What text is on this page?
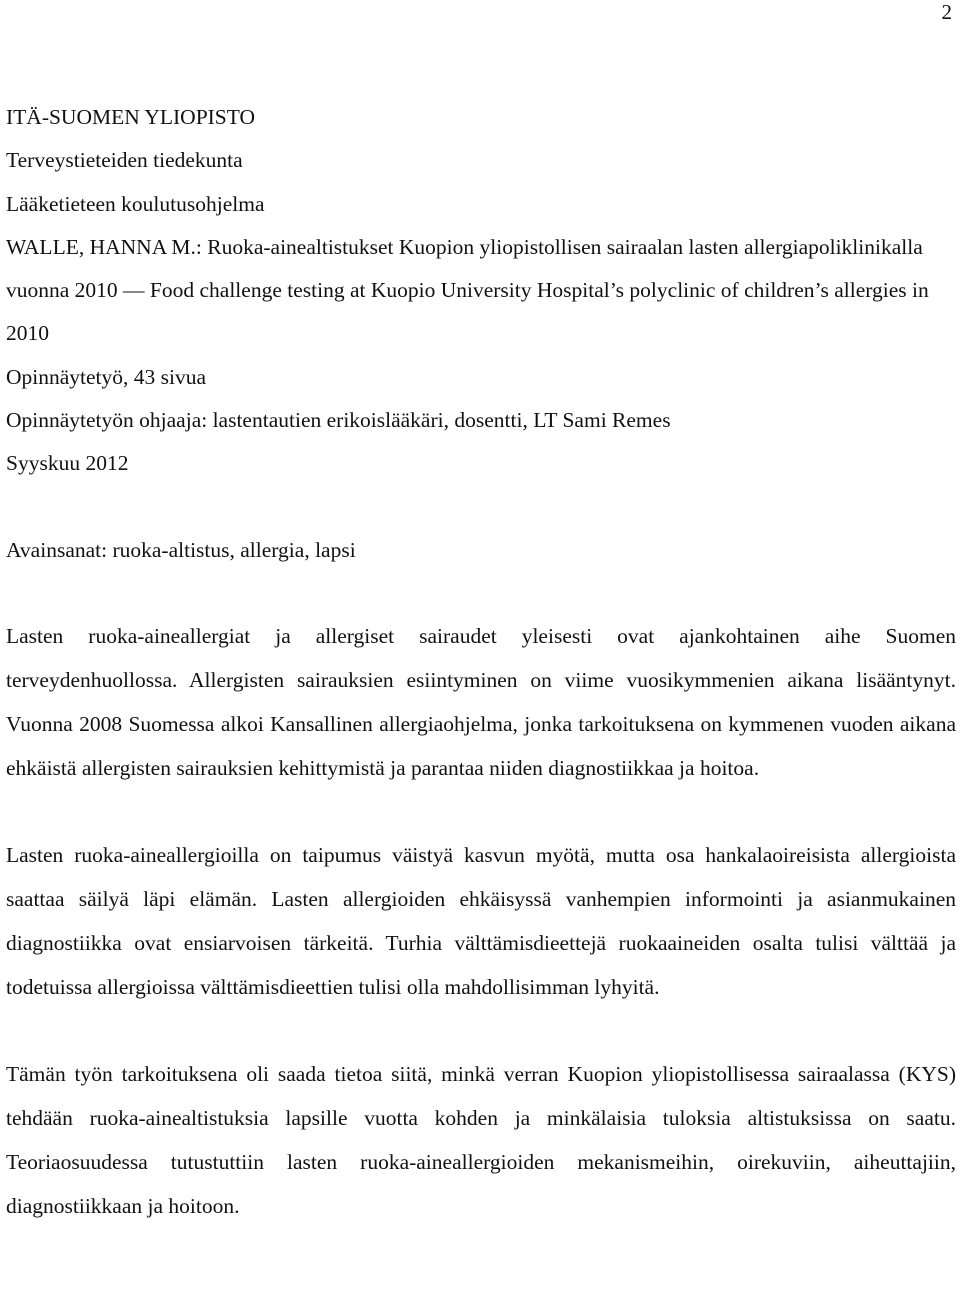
2
ITÄ-SUOMEN YLIOPISTO
Terveystieteiden tiedekunta
Lääketieteen koulutusohjelma
WALLE, HANNA M.: Ruoka-ainealtistukset Kuopion yliopistollisen sairaalan lasten allergiapoliklinikalla vuonna 2010 ― Food challenge testing at Kuopio University Hospital’s polyclinic of children’s allergies in 2010
Opinnäytetyö, 43 sivua
Opinnäytetyön ohjaaja: lastentautien erikoislääkäri, dosentti, LT Sami Remes
Syyskuu 2012
Avainsanat: ruoka-altistus, allergia, lapsi

Lasten ruoka-aineallergiat ja allergiset sairaudet yleisesti ovat ajankohtainen aihe Suomen terveydenhuollossa. Allergisten sairauksien esiintyminen on viime vuosikymmenien aikana lisääntynyt. Vuonna 2008 Suomessa alkoi Kansallinen allergiaohjelma, jonka tarkoituksena on kymmenen vuoden aikana ehkäistä allergisten sairauksien kehittymistä ja parantaa niiden diagnostiikkaa ja hoitoa.

Lasten ruoka-aineallergioilla on taipumus väistyä kasvun myötä, mutta osa hankalaoireisista allergioista saattaa säilyä läpi elämän. Lasten allergioiden ehkäisyssä vanhempien informointi ja asianmukainen diagnostiikka ovat ensiarvoisen tärkeitä. Turhia välttämisdieettejä ruokaaineiden osalta tulisi välttää ja todetuissa allergioissa välttämisdieettien tulisi olla mahdollisimman lyhyitä.

Tämän työn tarkoituksena oli saada tietoa siitä, minkä verran Kuopion yliopistollisessa sairaalassa (KYS) tehdään ruoka-ainealtistuksia lapsille vuotta kohden ja minkälaisia tuloksia altistuksissa on saatu. Teoriaosuudessa tutustuttiin lasten ruoka-aineallergioiden mekanismeihin, oirekuviin, aiheuttajiin, diagnostiikkaan ja hoitoon.
